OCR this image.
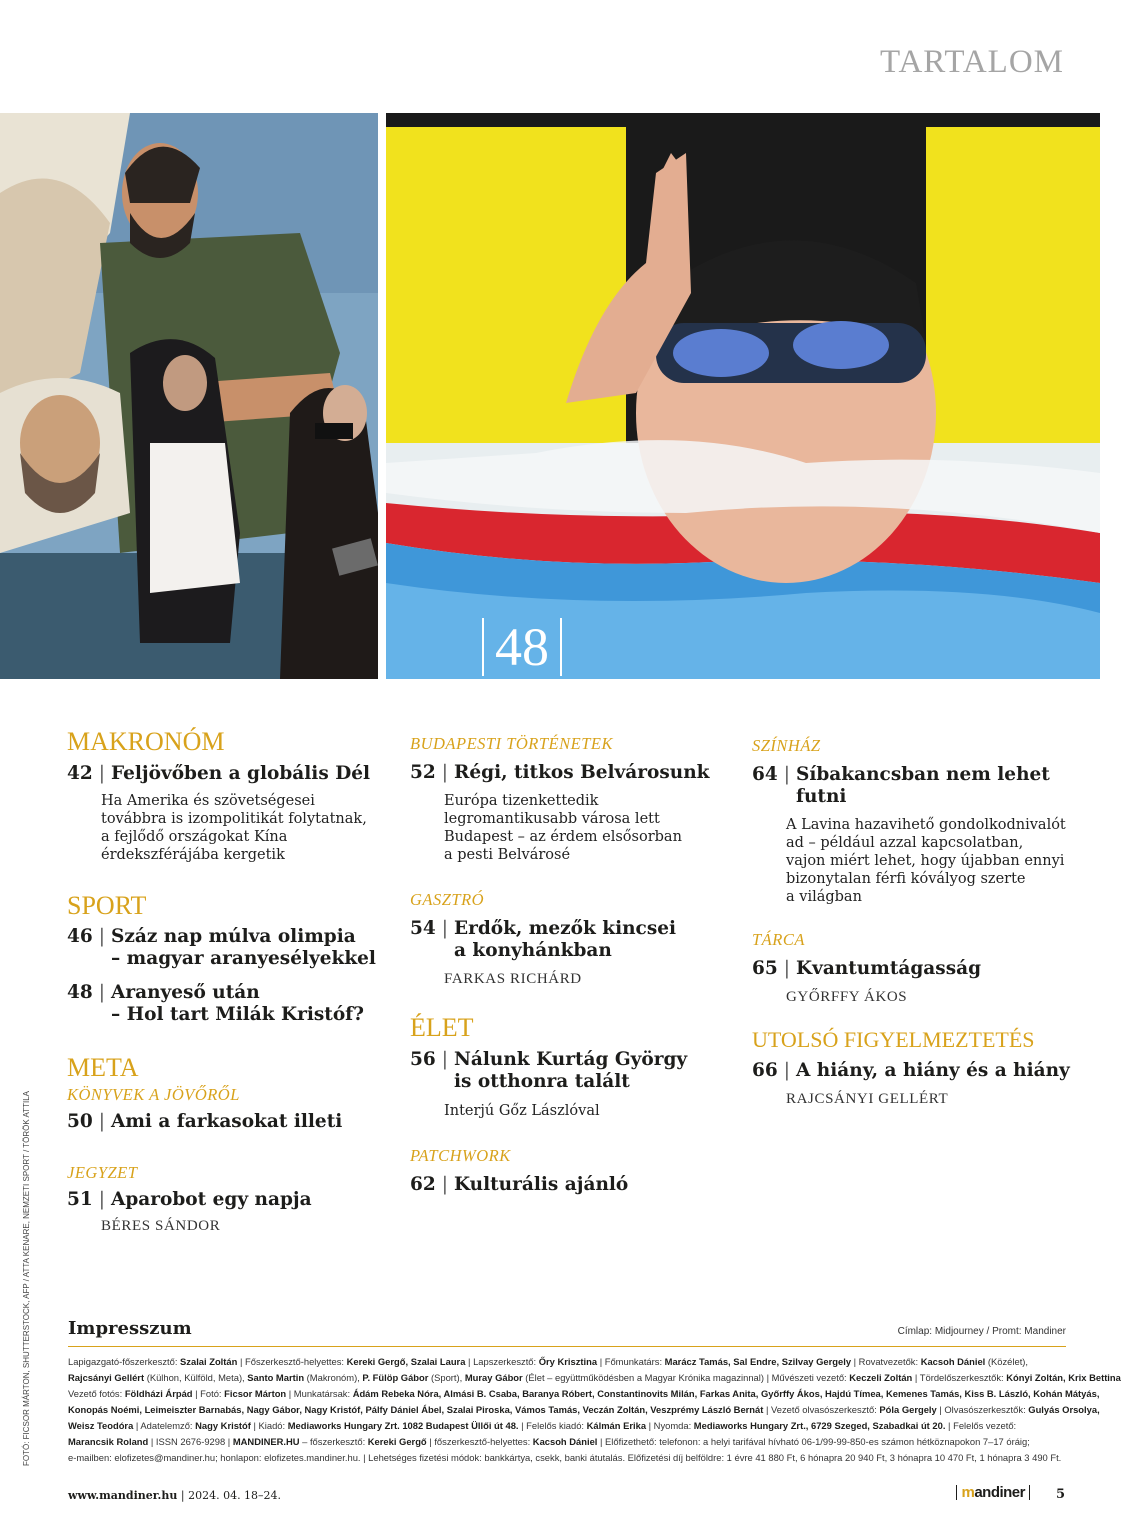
TARTALOM
48

MAKRONÓM

42 | Feljövőben a globális Dél
Ha Amerika és szövetségesei
továbbra is izompolitikát folytatnak,
a fejlődő országokat Kína
érdekszférájába kergetik

SPORT

46 | Száz nap múlva olimpia
– magyar aranyesélyekkel
48 | Aranyeső után
– Hol tart Milák Kristóf?

META

KÖNYVEK A JÖVŐRŐL

50 | Ami a farkasokat illeti

JEGYZET

51 | Aparobot egy napja
BÉRES SÁNDOR

BUDAPESTI TÖRTÉNETEK

52 | Régi, titkos Belvárosunk
Európa tizenkettedik
legromantikusabb városa lett
Budapest – az érdem elsősorban
a pesti Belvárosé

GASZTRÓ

54 | Erdők, mezők kincsei
a konyhánkban
FARKAS RICHÁRD

ÉLET

56 | Nálunk Kurtág György
is otthonra talált
Interjú Gőz Lászlóval

PATCHWORK

62 | Kulturális ajánló

SZÍNHÁZ

64 | Síbakancsban nem lehet futni
A Lavina hazavihető gondolkodnivalót
ad – például azzal kapcsolatban,
vajon miért lehet, hogy újabban ennyi
bizonytalan férfi kóvályog szerte
a világban

TÁRCA

65 | Kvantumtágasság
GYŐRFFY ÁKOS

UTOLSÓ FIGYELMEZTETÉS

66 | A hiány, a hiány és a hiány
RAJCSÁNYI GELLÉRT
FOTÓ: FICSOR MÁRTON, SHUTTERSTOCK, AFP / ATTA KENARE, NEMZETI SPORT / TÖRÖK ATTILA Impresszum	Címlap: Midjourney / Promt: Mandiner
Lapigazgató-főszerkesztő: Szalai Zoltán | Főszerkesztő-helyettes: Kereki Gergő, Szalai Laura | Lapszerkesztő: Őry Krisztina | Főmunkatárs: Marácz Tamás, Sal Endre, Szilvay Gergely | Rovatvezetők: Kacsoh Dániel (Közélet),
Rajcsányi Gellért (Külhon, Külföld, Meta), Santo Martin (Makronóm), P. Fülöp Gábor (Sport), Muray Gábor (Élet – együttműködésben a Magyar Krónika magazinnal) | Művészeti vezető: Keczeli Zoltán | Tördelőszerkesztők: Kónyi Zoltán, Krix Bettina
Vezető fotós: Földházi Árpád | Fotó: Ficsor Márton | Munkatársak: Ádám Rebeka Nóra, Almási B. Csaba, Baranya Róbert, Constantinovits Milán, Farkas Anita, Győrffy Ákos, Hajdú Tímea, Kemenes Tamás, Kiss B. László, Kohán Mátyás,
Konopás Noémi, Leimeiszter Barnabás, Nagy Gábor, Nagy Kristóf, Pálfy Dániel Ábel, Szalai Piroska, Vámos Tamás, Veczán Zoltán, Veszprémy László Bernát | Vezető olvasószerkesztő: Póla Gergely | Olvasószerkesztők: Gulyás Orsolya,
Weisz Teodóra | Adatelemző: Nagy Kristóf | Kiadó: Mediaworks Hungary Zrt. 1082 Budapest Üllői út 48. | Felelős kiadó: Kálmán Erika | Nyomda: Mediaworks Hungary Zrt., 6729 Szeged, Szabadkai út 20. | Felelős vezető:
Marancsik Roland | ISSN 2676-9298 | MANDINER.HU – főszerkesztő: Kereki Gergő | főszerkesztő-helyettes: Kacsoh Dániel | Előfizethető: telefonon: a helyi tarifával hívható 06-1/99-99-850-es számon hétköznapokon 7–17 óráig;
e-mailben: elofizetes@mandiner.hu; honlapon: elofizetes.mandiner.hu. | Lehetséges fizetési módok: bankkártya, csekk, banki átutalás. Előfizetési díj belföldre: 1 évre 41 880 Ft, 6 hónapra 20 940 Ft, 3 hónapra 10 470 Ft, 1 hónapra 3 490 Ft.
www.mandiner.hu | 2024. 04. 18–24.	mandiner	5
